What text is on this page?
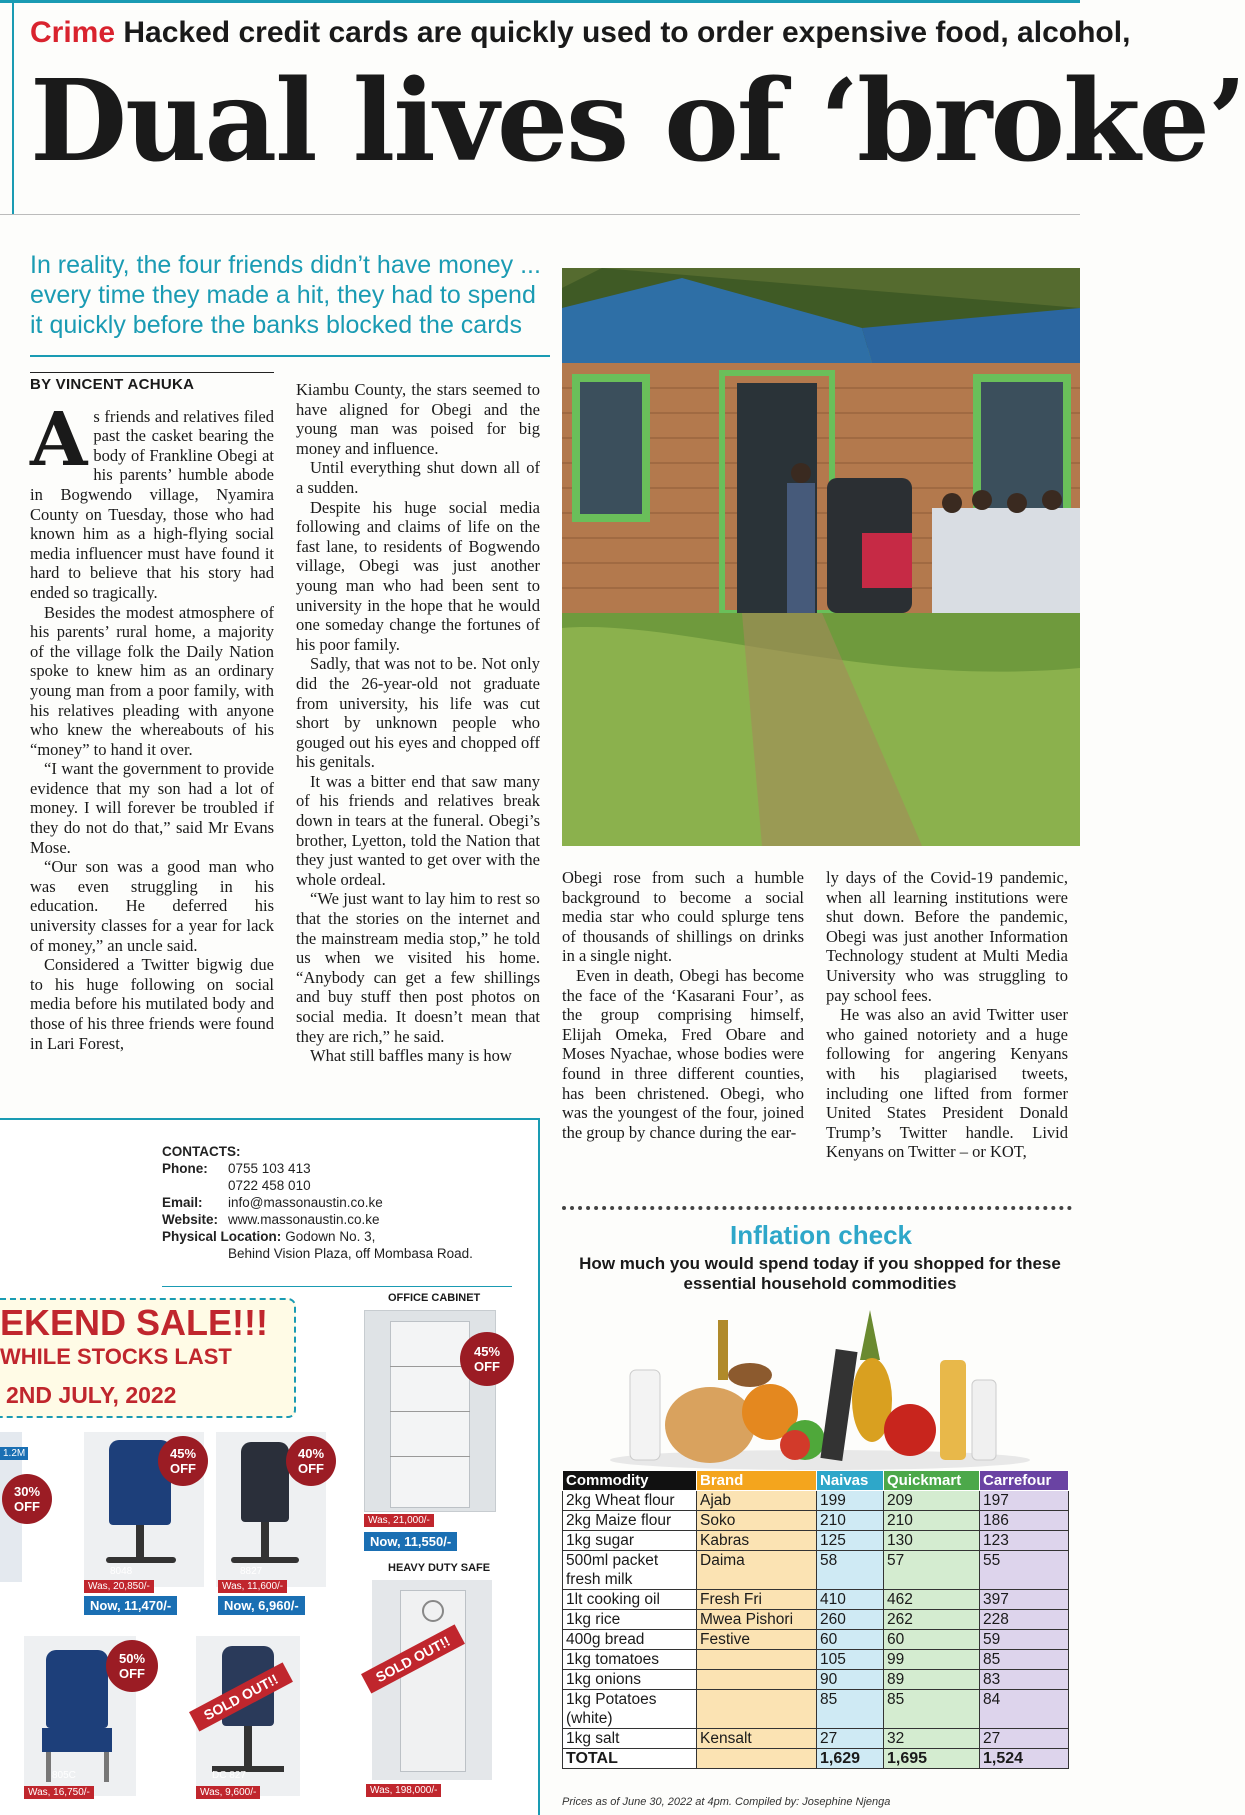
Crime Hacked credit cards are quickly used to order expensive food, alcohol,
Dual lives of ‘broke’
In reality, the four friends didn’t have money ... every time they made a hit, they had to spend it quickly before the banks blocked the cards
BY VINCENT ACHUKA
A s friends and relatives filed past the casket bearing the body of Frankline Obegi at his parents’ humble abode in Bogwendo village, Nyamira County on Tuesday, those who had known him as a high-flying social media influencer must have found it hard to believe that his story had ended so tragically.

Besides the modest atmosphere of his parents’ rural home, a majority of the village folk the Daily Nation spoke to knew him as an ordinary young man from a poor family, with his relatives pleading with anyone who knew the whereabouts of his “money” to hand it over.

“I want the government to provide evidence that my son had a lot of money. I will forever be troubled if they do not do that,” said Mr Evans Mose.

“Our son was a good man who was even struggling in his education. He deferred his university classes for a year for lack of money,” an uncle said.

Considered a Twitter bigwig due to his huge following on social media before his mutilated body and those of his three friends were found in Lari Forest,

Kiambu County, the stars seemed to have aligned for Obegi and the young man was poised for big money and influence.

Until everything shut down all of a sudden.

Despite his huge social media following and claims of life on the fast lane, to residents of Bogwendo village, Obegi was just another young man who had been sent to university in the hope that he would one someday change the fortunes of his poor family.

Sadly, that was not to be. Not only did the 26-year-old not graduate from university, his life was cut short by unknown people who gouged out his eyes and chopped off his genitals.

It was a bitter end that saw many of his friends and relatives break down in tears at the funeral. Obegi’s brother, Lyetton, told the Nation that they just wanted to get over with the whole ordeal.

“We just want to lay him to rest so that the stories on the internet and the mainstream media stop,” he told us when we visited his home. “Anybody can get a few shillings and buy stuff then post photos on social media. It doesn’t mean that they are rich,” he said.

What still baffles many is how

Obegi rose from such a humble background to become a social media star who could splurge tens of thousands of shillings on drinks in a single night.

Even in death, Obegi has become the face of the ‘Kasarani Four’, as the group comprising himself, Elijah Omeka, Fred Obare and Moses Nyachae, whose bodies were found in three different counties, has been christened. Obegi, who was the youngest of the four, joined the group by chance during the ear-

ly days of the Covid-19 pandemic, when all learning institutions were shut down. Before the pandemic, Obegi was just another Information Technology student at Multi Media University who was struggling to pay school fees.

He was also an avid Twitter user who gained notoriety and a huge following for angering Kenyans with his plagiarised tweets, including one lifted from former United States President Donald Trump’s Twitter handle. Livid Kenyans on Twitter – or KOT,

CONTACTS:
Phone: 0755 103 413
0722 458 010
Email: info@massonaustin.co.ke
Website: www.massonaustin.co.ke
Physical Location: Godown No. 3,
Behind Vision Plaza, off Mombasa Road.
EKEND SALE!!!
WHILE STOCKS LAST
2ND JULY, 2022
1.2M
30% OFF
45% OFF
8048
Was, 20,850/-
Now, 11,470/-
40% OFF
8827
Was, 11,600/-
Now, 6,960/-
OFFICE CABINET
45% OFF
Was, 21,000/-
Now, 11,550/-
HEAVY DUTY SAFE
SOLD OUT!!
Was, 198,000/-
50% OFF
805C
Was, 16,750/-
SOLD OUT!!
DC 827
Was, 9,600/-
Inflation check
How much you would spend today if you shopped for these essential household commodities
Commodity	Brand	Naivas	Quickmart	Carrefour
2kg Wheat flour	Ajab	199	209	197
2kg Maize flour	Soko	210	210	186
1kg sugar	Kabras	125	130	123
500ml packet fresh milk	Daima	58	57	55
1lt cooking oil	Fresh Fri	410	462	397
1kg rice	Mwea Pishori	260	262	228
400g bread	Festive	60	60	59
1kg tomatoes		105	99	85
1kg onions		90	89	83
1kg Potatoes (white)		85	85	84
1kg salt	Kensalt	27	32	27
TOTAL		1,629	1,695	1,524
Prices as of June 30, 2022 at 4pm. Compiled by: Josephine Njenga
